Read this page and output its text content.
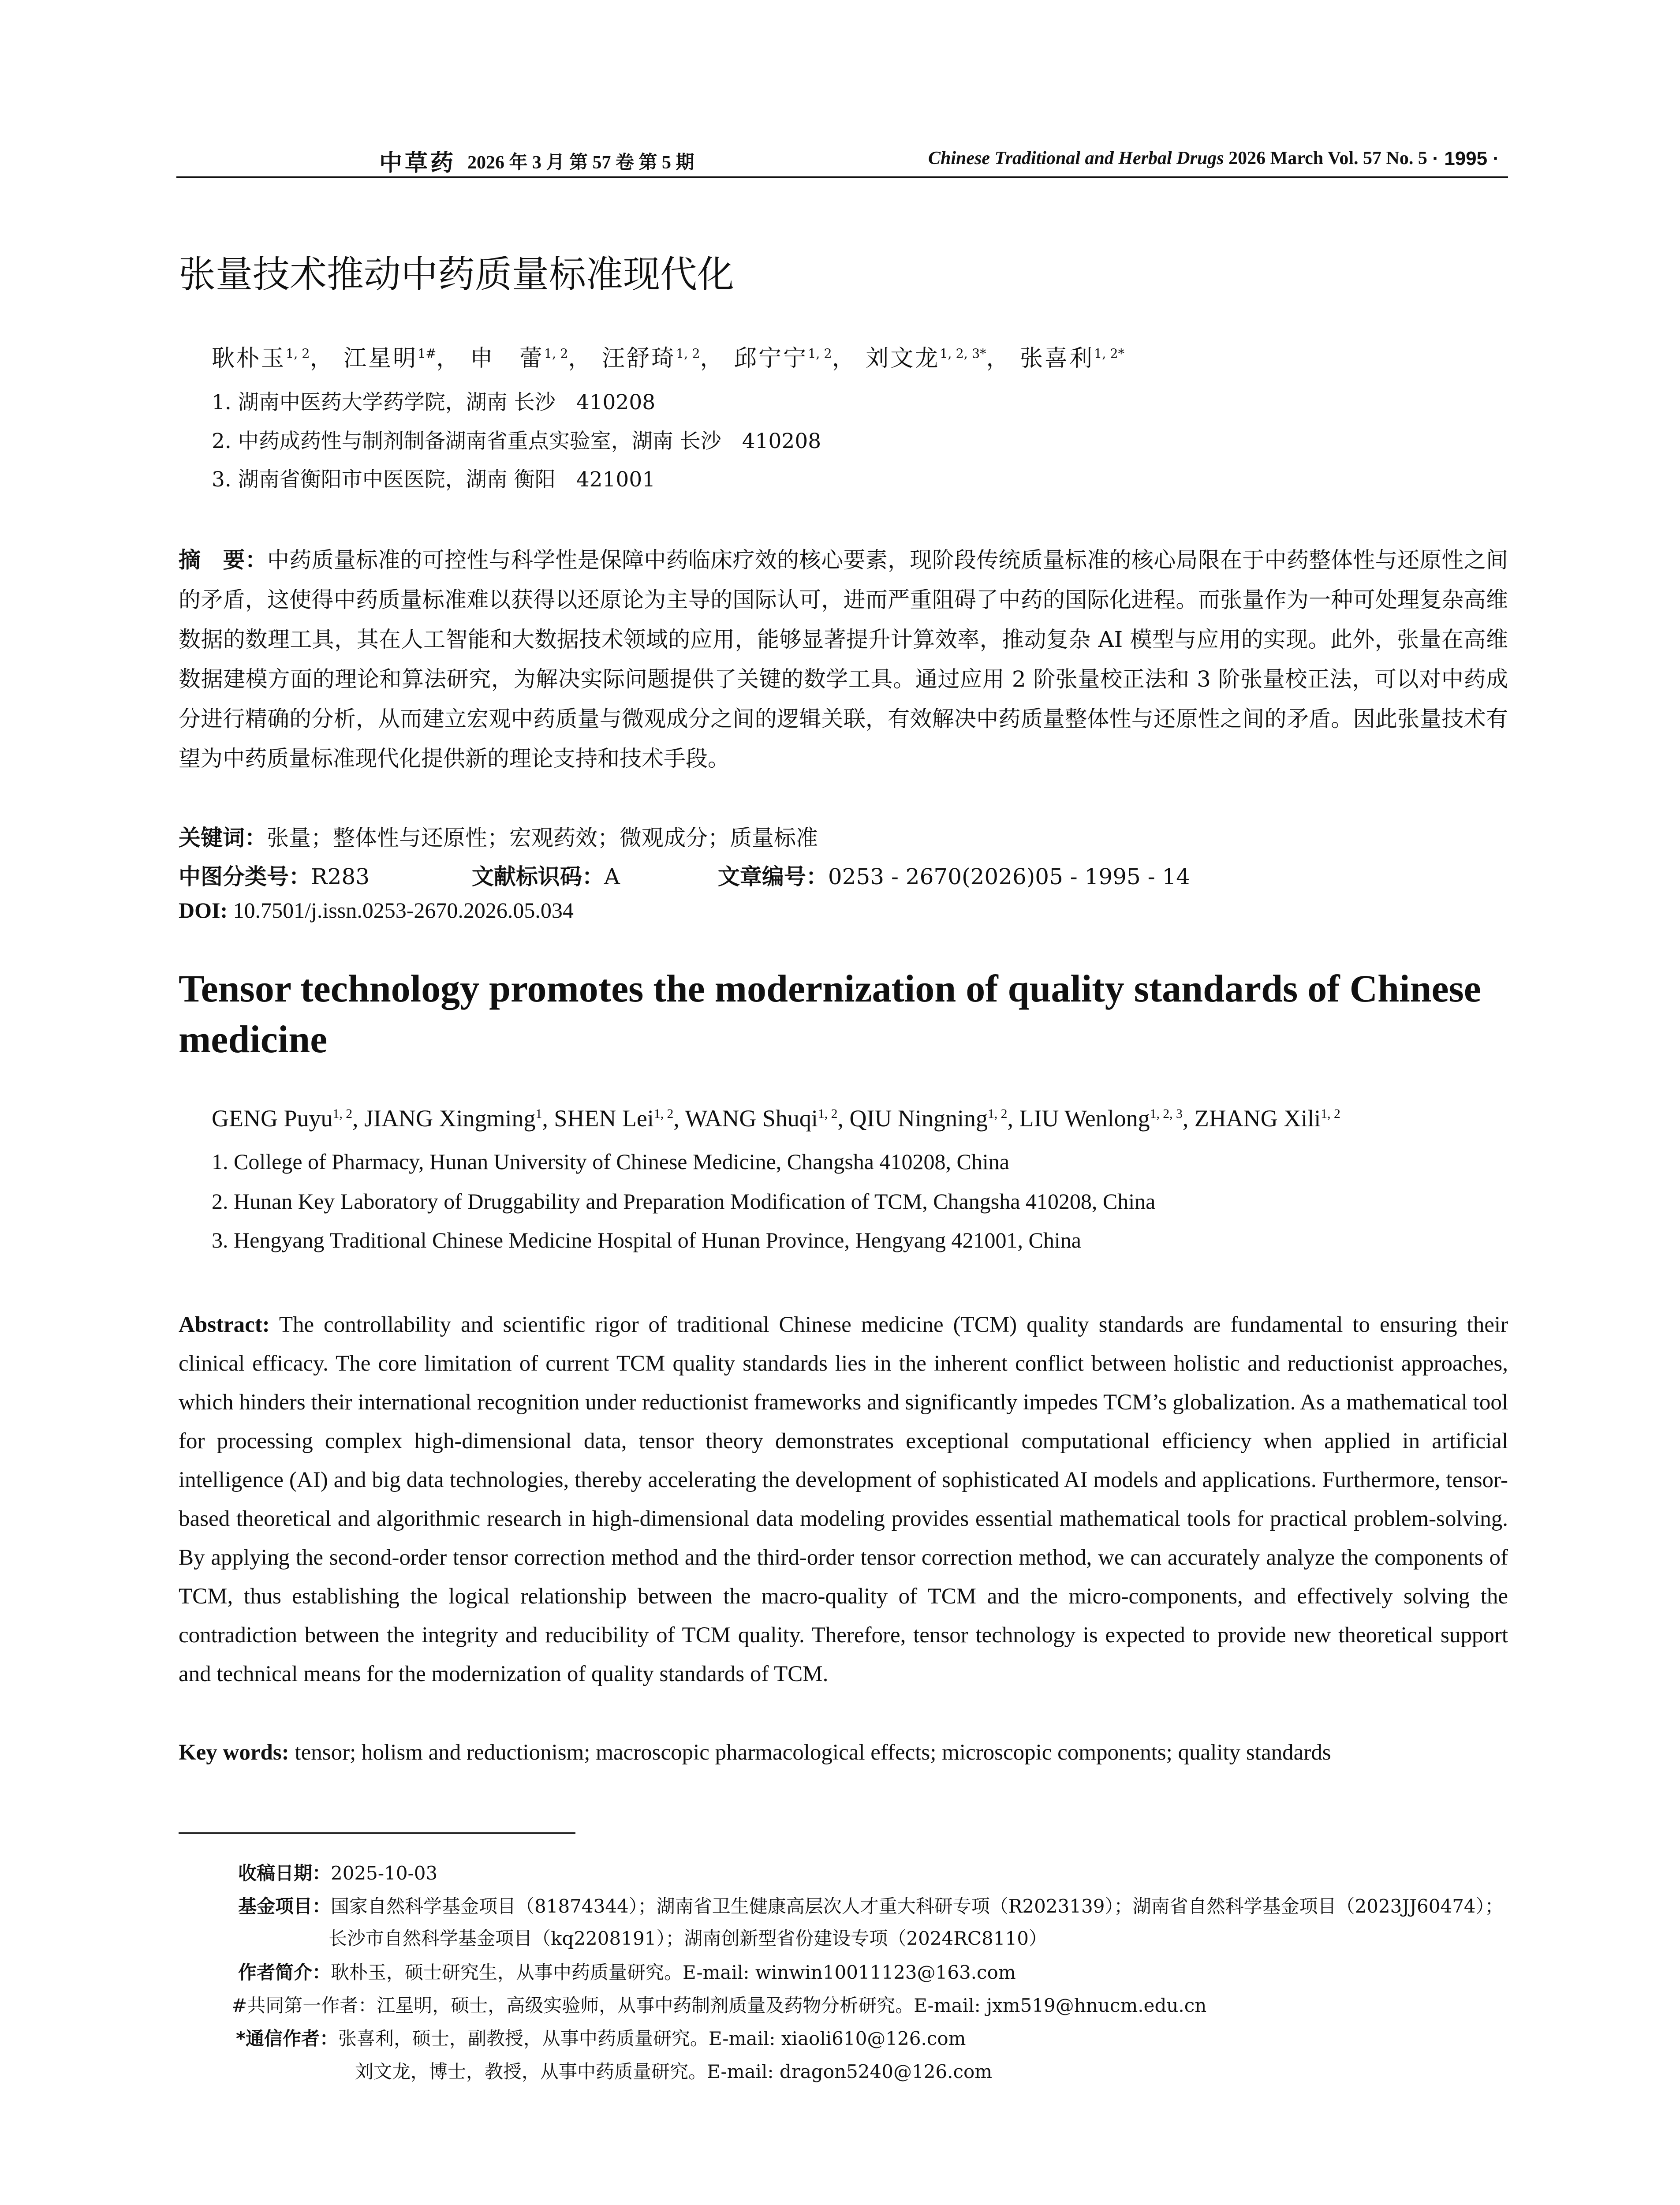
中草药 2026 年 3 月 第 57 卷 第 5 期	Chinese Traditional and Herbal Drugs 2026 March Vol. 57 No. 5 · 1995 ·
张量技术推动中药质量标准现代化
耿朴玉$^{1, 2}$， 江星明$^{1\#}$， 申　蕾$^{1, 2}$， 汪舒琦$^{1, 2}$， 邱宁宁$^{1, 2}$， 刘文龙$^{1, 2, 3*}$， 张喜利$^{1, 2*}$
1. 湖南中医药大学药学院，湖南 长沙　410208
2. 中药成药性与制剂制备湖南省重点实验室，湖南 长沙　410208
3. 湖南省衡阳市中医医院，湖南 衡阳　421001
摘　要：中药质量标准的可控性与科学性是保障中药临床疗效的核心要素，现阶段传统质量标准的核心局限在于中药整体性与还原性之间的矛盾，这使得中药质量标准难以获得以还原论为主导的国际认可，进而严重阻碍了中药的国际化进程。而张量作为一种可处理复杂高维数据的数理工具，其在人工智能和大数据技术领域的应用，能够显著提升计算效率，推动复杂 AI 模型与应用的实现。此外，张量在高维数据建模方面的理论和算法研究，为解决实际问题提供了关键的数学工具。通过应用 2 阶张量校正法和 3 阶张量校正法，可以对中药成分进行精确的分析，从而建立宏观中药质量与微观成分之间的逻辑关联，有效解决中药质量整体性与还原性之间的矛盾。因此张量技术有望为中药质量标准现代化提供新的理论支持和技术手段。
关键词：张量；整体性与还原性；宏观药效；微观成分；质量标准
中图分类号：R283	文献标识码：A	文章编号：0253 - 2670(2026)05 - 1995 - 14
DOI: 10.7501/j.issn.0253-2670.2026.05.034
Tensor technology promotes the modernization of quality standards of Chinese medicine
GENG Puyu$^{1, 2}$, JIANG Xingming$^1$, SHEN Lei$^{1, 2}$, WANG Shuqi$^{1, 2}$, QIU Ningning$^{1, 2}$, LIU Wenlong$^{1, 2, 3}$, ZHANG Xili$^{1, 2}$
1. College of Pharmacy, Hunan University of Chinese Medicine, Changsha 410208, China
2. Hunan Key Laboratory of Druggability and Preparation Modification of TCM, Changsha 410208, China
3. Hengyang Traditional Chinese Medicine Hospital of Hunan Province, Hengyang 421001, China
Abstract: The controllability and scientific rigor of traditional Chinese medicine (TCM) quality standards are fundamental to ensuring their clinical efficacy. The core limitation of current TCM quality standards lies in the inherent conflict between holistic and reductionist approaches, which hinders their international recognition under reductionist frameworks and significantly impedes TCM’s globalization. As a mathematical tool for processing complex high-dimensional data, tensor theory demonstrates exceptional computational efficiency when applied in artificial intelligence (AI) and big data technologies, thereby accelerating the development of sophisticated AI models and applications. Furthermore, tensor-based theoretical and algorithmic research in high-dimensional data modeling provides essential mathematical tools for practical problem-solving. By applying the second-order tensor correction method and the third-order tensor correction method, we can accurately analyze the components of TCM, thus establishing the logical relationship between the macro-quality of TCM and the micro-components, and effectively solving the contradiction between the integrity and reducibility of TCM quality. Therefore, tensor technology is expected to provide new theoretical support and technical means for the modernization of quality standards of TCM.
Key words: tensor; holism and reductionism; macroscopic pharmacological effects; microscopic components; quality standards
收稿日期：2025-10-03
基金项目：国家自然科学基金项目（81874344）；湖南省卫生健康高层次人才重大科研专项（R2023139）；湖南省自然科学基金项目（2023JJ60474）；
长沙市自然科学基金项目（kq2208191）；湖南创新型省份建设专项（2024RC8110）
作者简介：耿朴玉，硕士研究生，从事中药质量研究。E-mail: winwin10011123@163.com
#共同第一作者：江星明，硕士，高级实验师，从事中药制剂质量及药物分析研究。E-mail: jxm519@hnucm.edu.cn
*通信作者：张喜利，硕士，副教授，从事中药质量研究。E-mail: xiaoli610@126.com
刘文龙，博士，教授，从事中药质量研究。E-mail: dragon5240@126.com
